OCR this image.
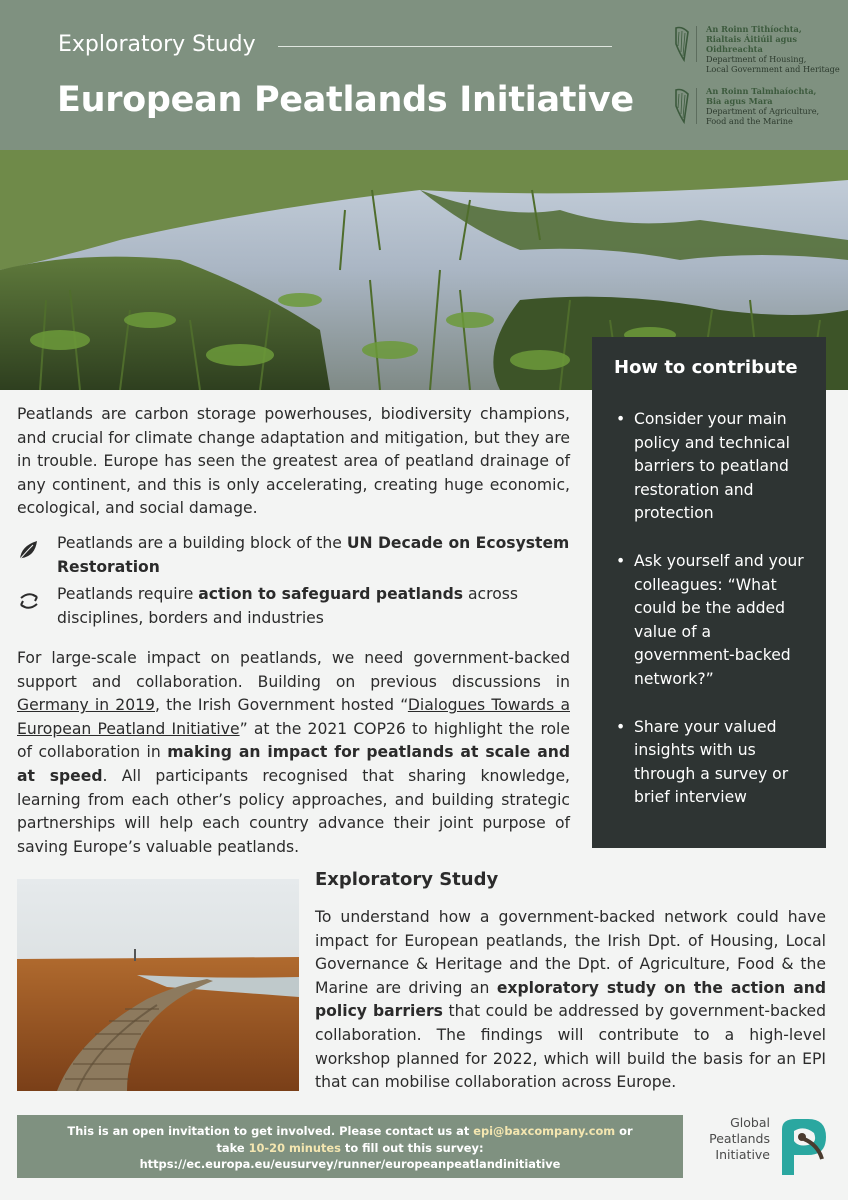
Exploratory Study
European Peatlands Initiative
An Roinn Tithíochta,
Rialtais Áitiúil agus Oidhreachta
Department of Housing,
Local Government and Heritage
An Roinn Talmhaíochta,
Bia agus Mara
Department of Agriculture,
Food and the Marine
How to contribute
• Consider your main policy and technical barriers to peatland restoration and protection
• Ask yourself and your colleagues: “What could be the added value of a government-backed network?”
• Share your valued insights with us through a survey or brief interview
Peatlands are carbon storage powerhouses, biodiversity champions, and crucial for climate change adaptation and mitigation, but they are in trouble. Europe has seen the greatest area of peatland drainage of any continent, and this is only accelerating, creating huge economic, ecological, and social damage.
Peatlands are a building block of the UN Decade on Ecosystem Restoration
Peatlands require action to safeguard peatlands across disciplines, borders and industries
For large-scale impact on peatlands, we need government-backed support and collaboration. Building on previous discussions in Germany in 2019, the Irish Government hosted “Dialogues Towards a European Peatland Initiative” at the 2021 COP26 to highlight the role of collaboration in making an impact for peatlands at scale and at speed. All participants recognised that sharing knowledge, learning from each other’s policy approaches, and building strategic partnerships will help each country advance their joint purpose of saving Europe’s valuable peatlands.
Exploratory Study
To understand how a government-backed network could have impact for European peatlands, the Irish Dpt. of Housing, Local Governance & Heritage and the Dpt. of Agriculture, Food & the Marine are driving an exploratory study on the action and policy barriers that could be addressed by government-backed collaboration. The findings will contribute to a high-level workshop planned for 2022, which will build the basis for an EPI that can mobilise collaboration across Europe.
This is an open invitation to get involved. Please contact us at epi@baxcompany.com or
take 10-20 minutes to fill out this survey:
https://ec.europa.eu/eusurvey/runner/europeanpeatlandinitiative
Global
Peatlands
Initiative
